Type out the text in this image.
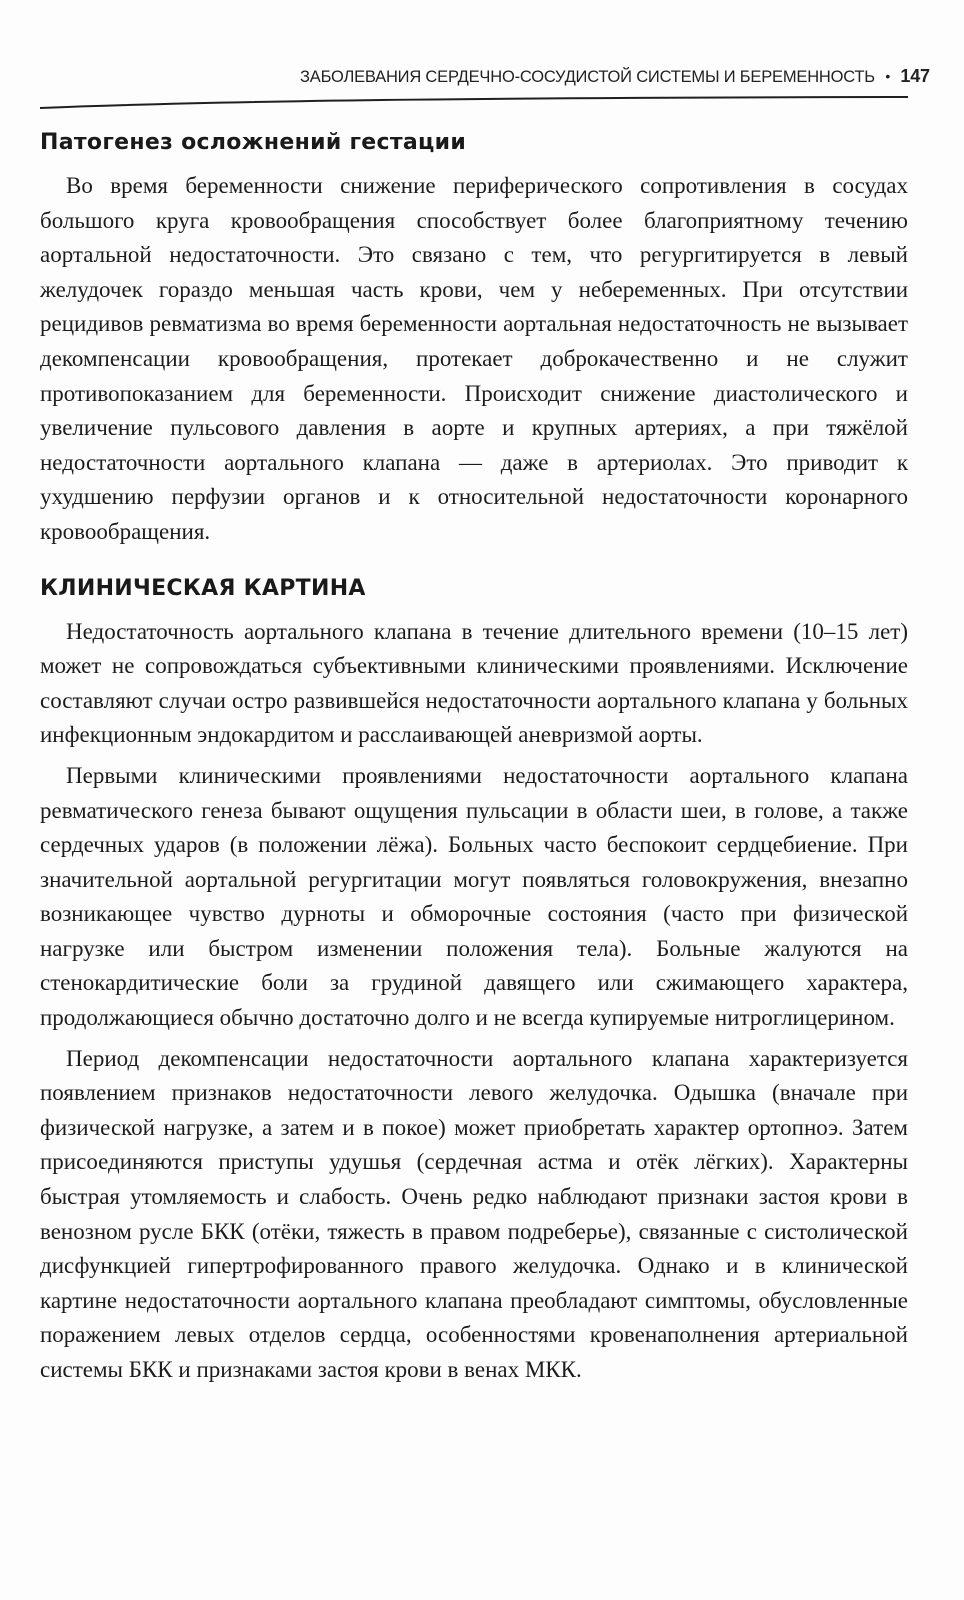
ЗАБОЛЕВАНИЯ СЕРДЕЧНО-СОСУДИСТОЙ СИСТЕМЫ И БЕРЕМЕННОСТЬ • 147
Патогенез осложнений гестации

Во время беременности снижение периферического сопротивления в сосудах большого круга кровообращения способствует более благоприятному течению аортальной недостаточности. Это связано с тем, что регургитируется в левый желудочек гораздо меньшая часть крови, чем у небеременных. При отсутствии рецидивов ревматизма во время беременности аортальная недостаточность не вызывает декомпенсации кровообращения, протекает доброкачественно и не служит противопоказанием для беременности. Происходит снижение диастолического и увеличение пульсового давления в аорте и крупных артериях, а при тяжёлой недостаточности аортального клапана — даже в артериолах. Это приводит к ухудшению перфузии органов и к относительной недостаточности коронарного кровообращения.

КЛИНИЧЕСКАЯ КАРТИНА

Недостаточность аортального клапана в течение длительного времени (10–15 лет) может не сопровождаться субъективными клиническими проявлениями. Исключение составляют случаи остро развившейся недостаточности аортального клапана у больных инфекционным эндокардитом и расслаивающей аневризмой аорты.

Первыми клиническими проявлениями недостаточности аортального клапана ревматического генеза бывают ощущения пульсации в области шеи, в голове, а также сердечных ударов (в положении лёжа). Больных часто беспокоит сердцебиение. При значительной аортальной регургитации могут появляться головокружения, внезапно возникающее чувство дурноты и обморочные состояния (часто при физической нагрузке или быстром изменении положения тела). Больные жалуются на стенокардитические боли за грудиной давящего или сжимающего характера, продолжающиеся обычно достаточно долго и не всегда купируемые нитроглицерином.

Период декомпенсации недостаточности аортального клапана характеризуется появлением признаков недостаточности левого желудочка. Одышка (вначале при физической нагрузке, а затем и в покое) может приобретать характер ортопноэ. Затем присоединяются приступы удушья (сердечная астма и отёк лёгких). Характерны быстрая утомляемость и слабость. Очень редко наблюдают признаки застоя крови в венозном русле БКК (отёки, тяжесть в правом подреберье), связанные с систолической дисфункцией гипертрофированного правого желудочка. Однако и в клинической картине недостаточности аортального клапана преобладают симптомы, обусловленные поражением левых отделов сердца, особенностями кровенаполнения артериальной системы БКК и признаками застоя крови в венах МКК.
